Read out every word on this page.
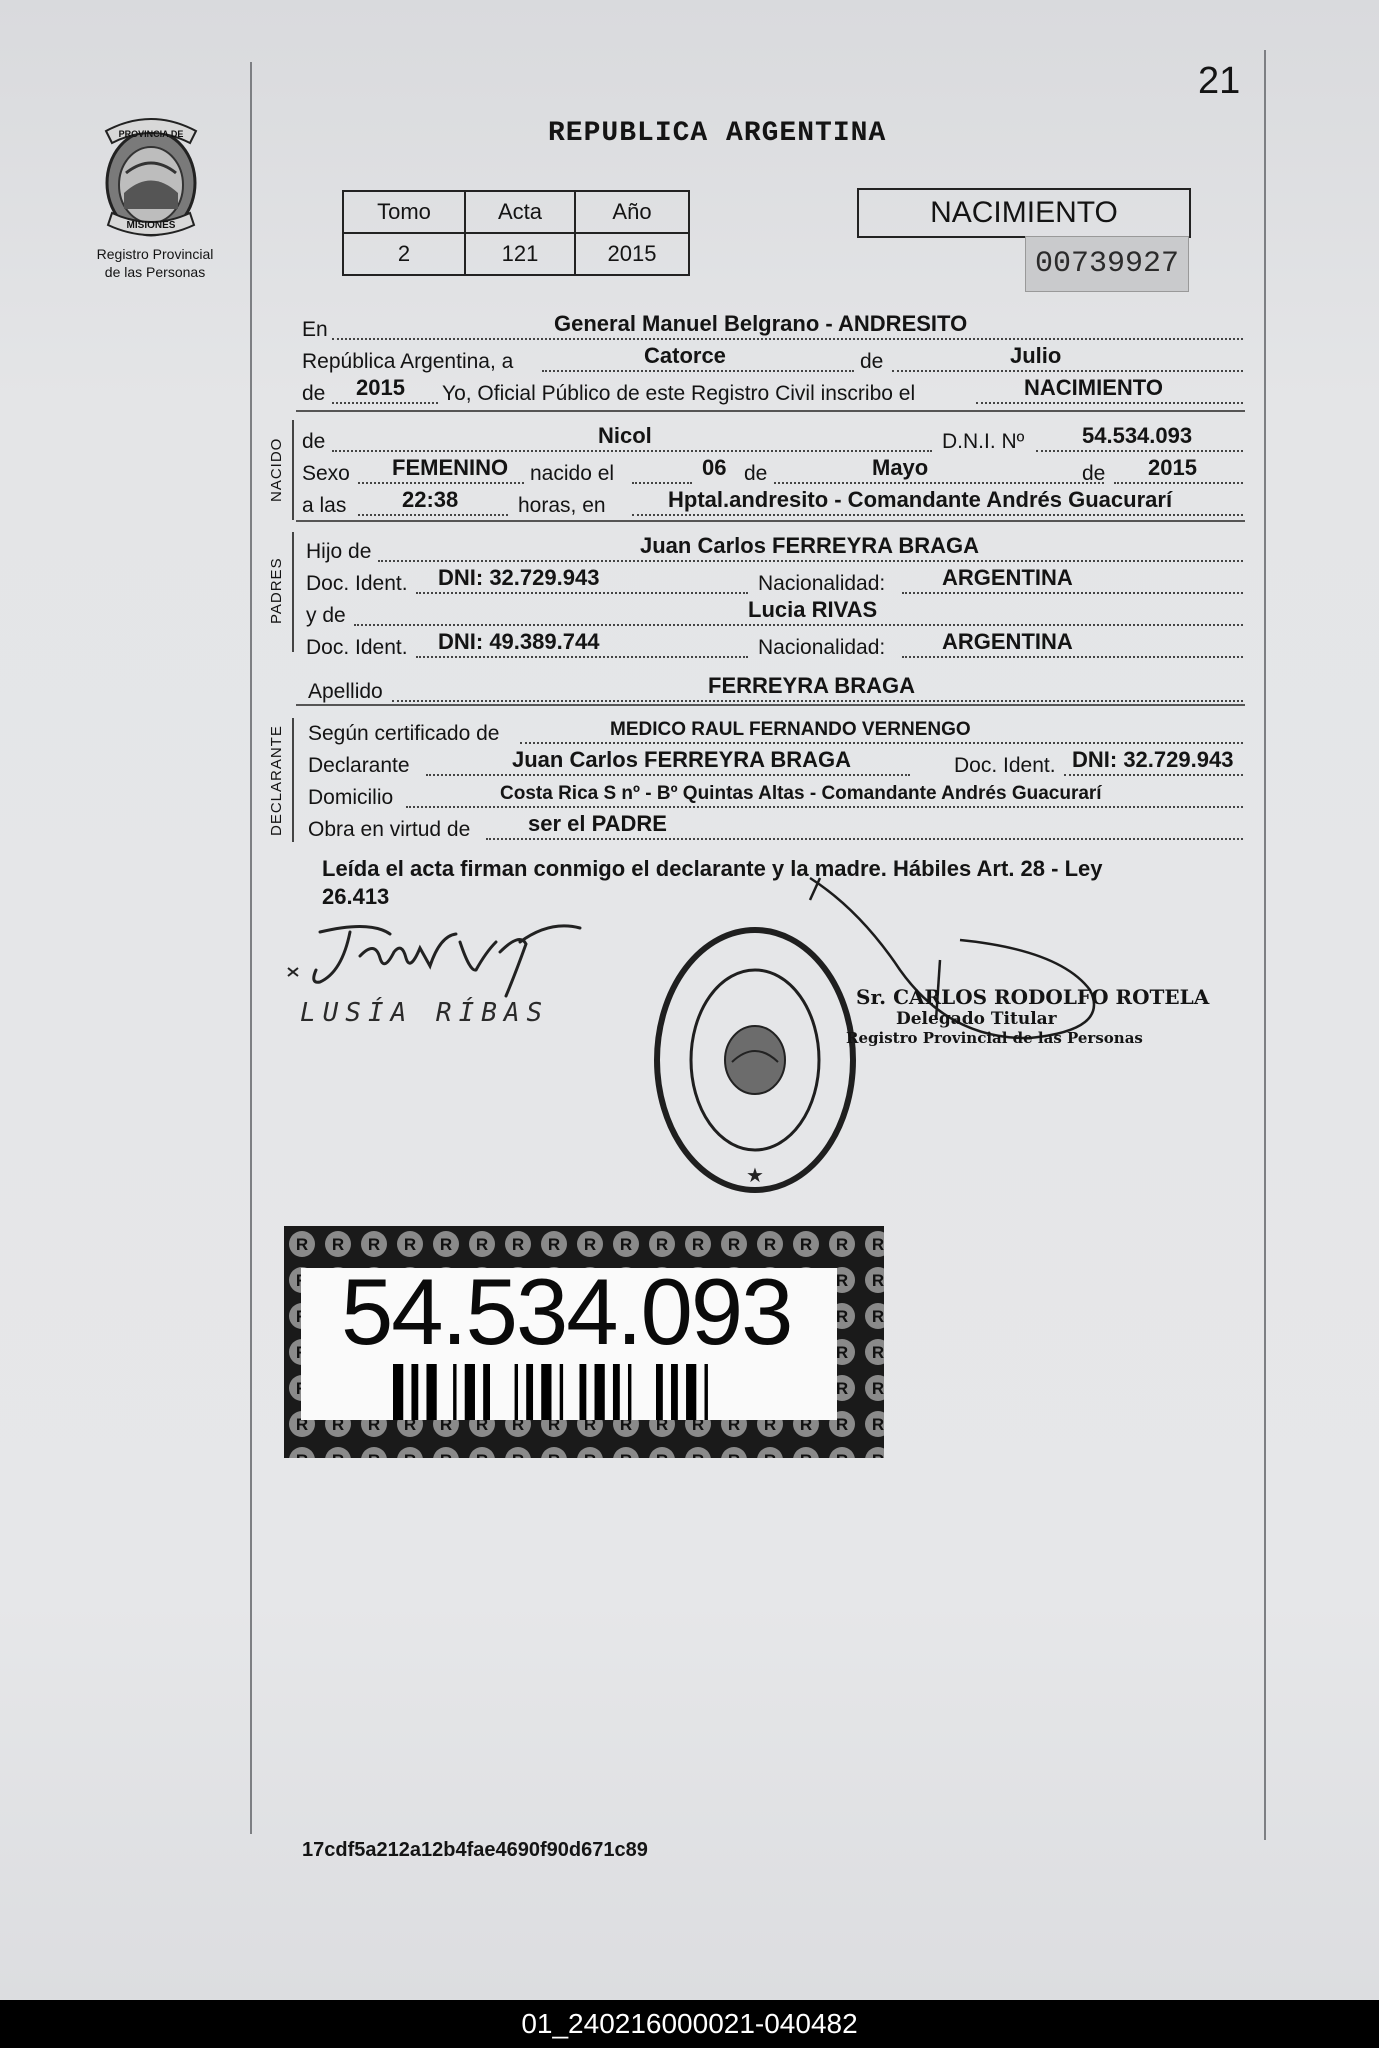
21
PROVINCIA DE
MISIONES
Registro Provincial
de las Personas
REPUBLICA ARGENTINA
Tomo	Acta	Año
2	121	2015
NACIMIENTO
00739927
En	General Manuel Belgrano - ANDRESITO
República Argentina, a	Catorce	de	Julio
de 2015 Yo, Oficial Público de este Registro Civil inscribo el	NACIMIENTO
NACIDO de	Nicol	D.N.I. Nº	54.534.093
Sexo FEMENINO nacido el	06 de	Mayo	de 2015
a las	22:38	horas, en	Hptal.andresito - Comandante Andrés Guacurarí
PADRES
Hijo de	Juan Carlos FERREYRA BRAGA
Doc. Ident. DNI: 32.729.943	Nacionalidad:	ARGENTINA
y de	Lucia RIVAS
Doc. Ident. DNI: 49.389.744	Nacionalidad:	ARGENTINA
Apellido	FERREYRA BRAGA
DECLARANTE Según certificado de	MEDICO RAUL FERNANDO VERNENGO
Declarante	Juan Carlos FERREYRA BRAGA	Doc. Ident. DNI: 32.729.943
Domicilio	Costa Rica S nº - Bº Quintas Altas - Comandante Andrés Guacurarí
Obra en virtud de	ser el PADRE
Leída el acta firman conmigo el declarante y la madre. Hábiles Art. 28 - Ley
26.413
LUSÍA RÍBAS
★
Sr. CARLOS RODOLFO ROTELA
Delegado Titular
Registro Provincial de las Personas
54.534.093
17cdf5a212a12b4fae4690f90d671c89
01_240216000021-040482
